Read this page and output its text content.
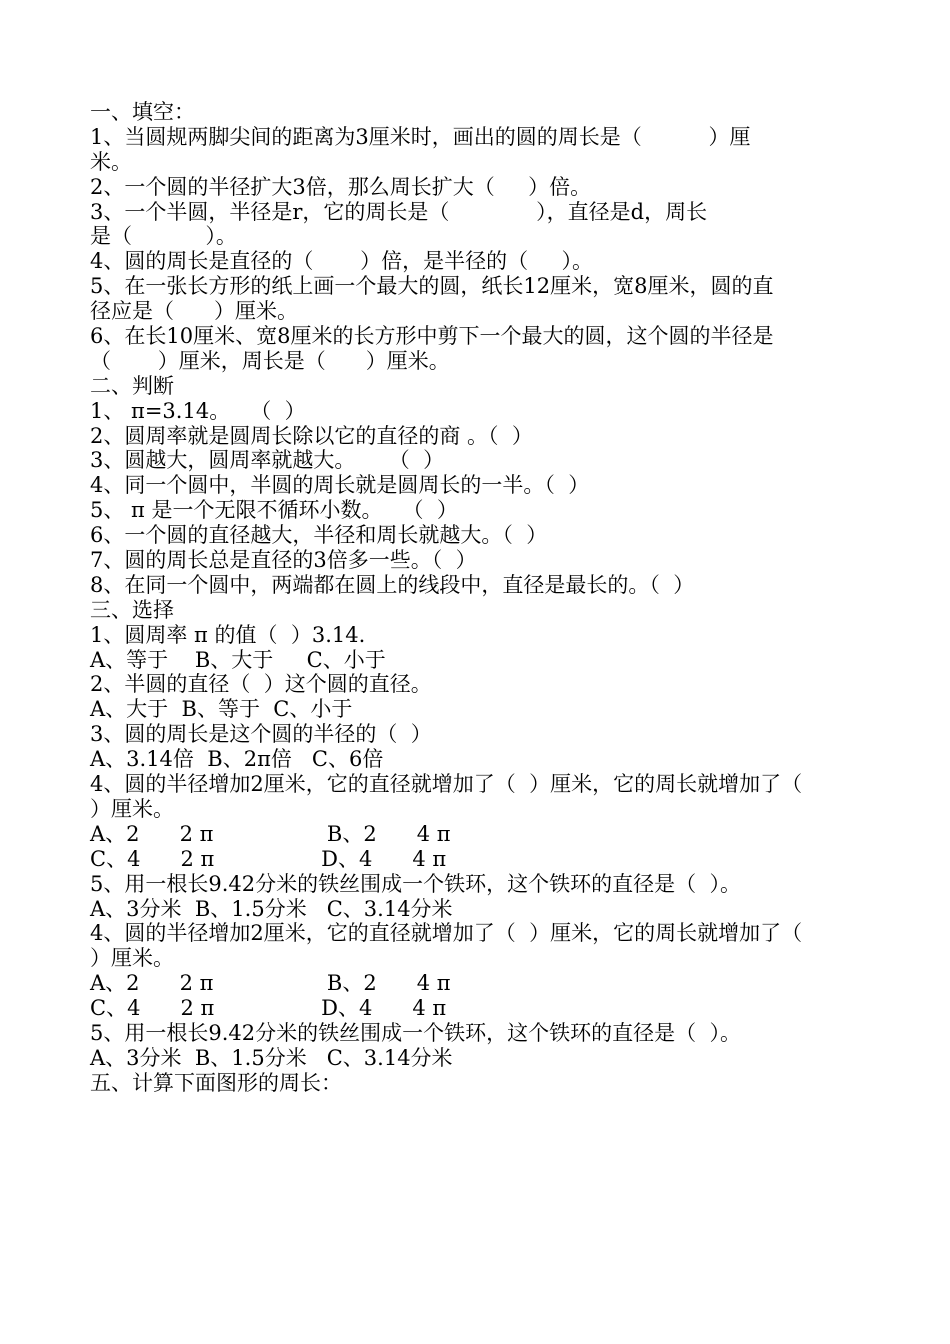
一、填空：
1、当圆规两脚尖间的距离为3厘米时，画出的圆的周长是（          ）厘
米。
2、一个圆的半径扩大3倍，那么周长扩大（     ）倍。
3、一个半圆，半径是r，它的周长是（             ），直径是d，周长
是（           ）。
4、圆的周长是直径的（       ）倍，是半径的（     ）。
5、在一张长方形的纸上画一个最大的圆，纸长12厘米，宽8厘米，圆的直
径应是（      ）厘米。
6、在长10厘米、宽8厘米的长方形中剪下一个最大的圆，这个圆的半径是
（       ）厘米，周长是（      ）厘米。
二、判断
1、 π=3.14。   （  ）
2、圆周率就是圆周长除以它的直径的商 。（  ）
3、圆越大，圆周率就越大。     （  ）
4、同一个圆中，半圆的周长就是圆周长的一半。（  ）
5、 π 是一个无限不循环小数。   （  ）
6、一个圆的直径越大，半径和周长就越大。（  ）
7、圆的周长总是直径的3倍多一些。（  ）
8、在同一个圆中，两端都在圆上的线段中，直径是最长的。（  ）
三、选择
1、圆周率 π 的值（  ）3.14.
A、等于    B、大于     C、小于
2、半圆的直径（  ）这个圆的直径。
A、大于  B、等于  C、小于
3、圆的周长是这个圆的半径的（  ）
A、3.14倍  B、2π倍   C、6倍
4、圆的半径增加2厘米，它的直径就增加了（  ）厘米，它的周长就增加了（
）厘米。
A、2      2 π                 B、2      4 π
C、4      2 π                D、4      4 π
5、用一根长9.42分米的铁丝围成一个铁环，这个铁环的直径是（  ）。
A、3分米  B、1.5分米   C、3.14分米
4、圆的半径增加2厘米，它的直径就增加了（  ）厘米，它的周长就增加了（
）厘米。
A、2      2 π                 B、2      4 π
C、4      2 π                D、4      4 π
5、用一根长9.42分米的铁丝围成一个铁环，这个铁环的直径是（  ）。
A、3分米  B、1.5分米   C、3.14分米
五、计算下面图形的周长：
